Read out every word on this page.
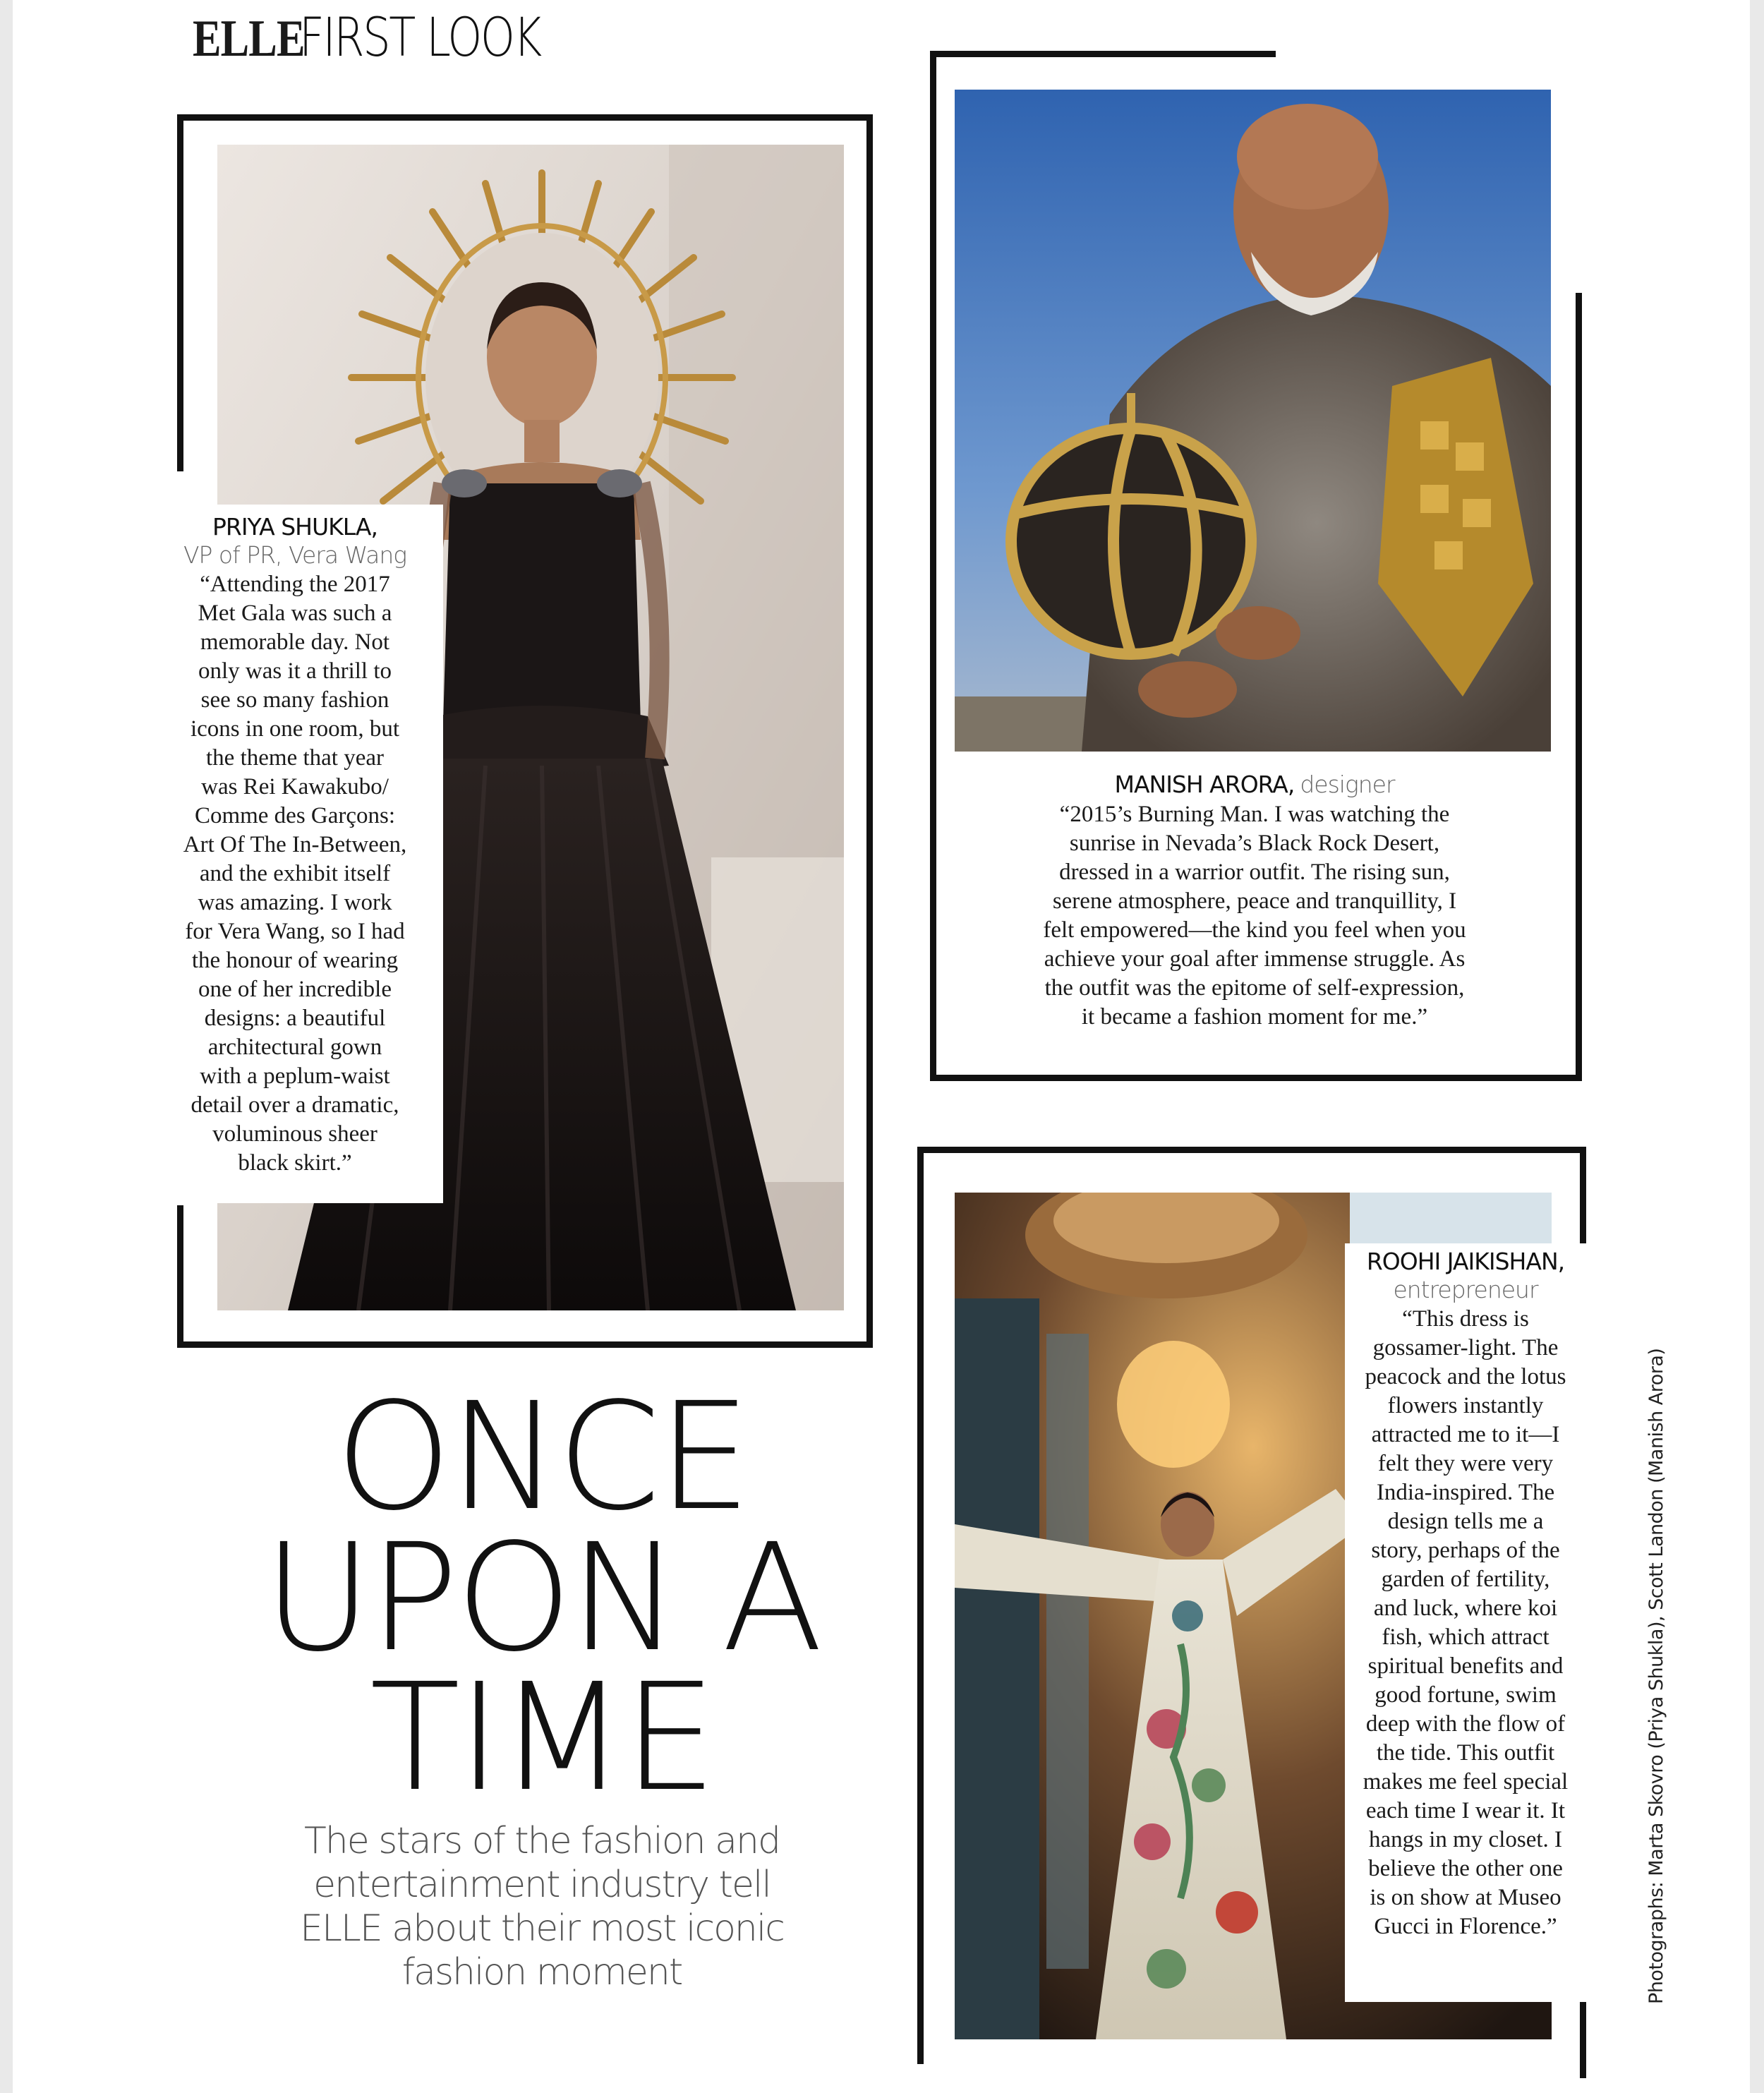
ELLE
FIRST LOOK
PRIYA SHUKLA,
VP of PR, Vera Wang
“Attending the 2017
Met Gala was such a
memorable day. Not
only was it a thrill to
see so many fashion
icons in one room, but
the theme that year
was Rei Kawakubo/
Comme des Garçons:
Art Of The In-Between,
and the exhibit itself
was amazing. I work
for Vera Wang, so I had
the honour of wearing
one of her incredible
designs: a beautiful
architectural gown
with a peplum-waist
detail over a dramatic,
voluminous sheer
black skirt.”
MANISH ARORA, designer
“2015’s Burning Man. I was watching the
sunrise in Nevada’s Black Rock Desert,
dressed in a warrior outfit. The rising sun,
serene atmosphere, peace and tranquillity, I
felt empowered—the kind you feel when you
achieve your goal after immense struggle. As
the outfit was the epitome of self-expression,
it became a fashion moment for me.”
ONCE
UPON A
TIME
The stars of the fashion and entertainment industry tell ELLE about their most iconic fashion moment
ROOHI JAIKISHAN,
entrepreneur
“This dress is
gossamer-light. The
peacock and the lotus
flowers instantly
attracted me to it—I
felt they were very
India-inspired. The
design tells me a
story, perhaps of the
garden of fertility,
and luck, where koi
fish, which attract
spiritual benefits and
good fortune, swim
deep with the flow of
the tide. This outfit
makes me feel special
each time I wear it. It
hangs in my closet. I
believe the other one
is on show at Museo
Gucci in Florence.”	Photographs: Marta Skovro (Priya Shukla), Scott Landon (Manish Arora)
